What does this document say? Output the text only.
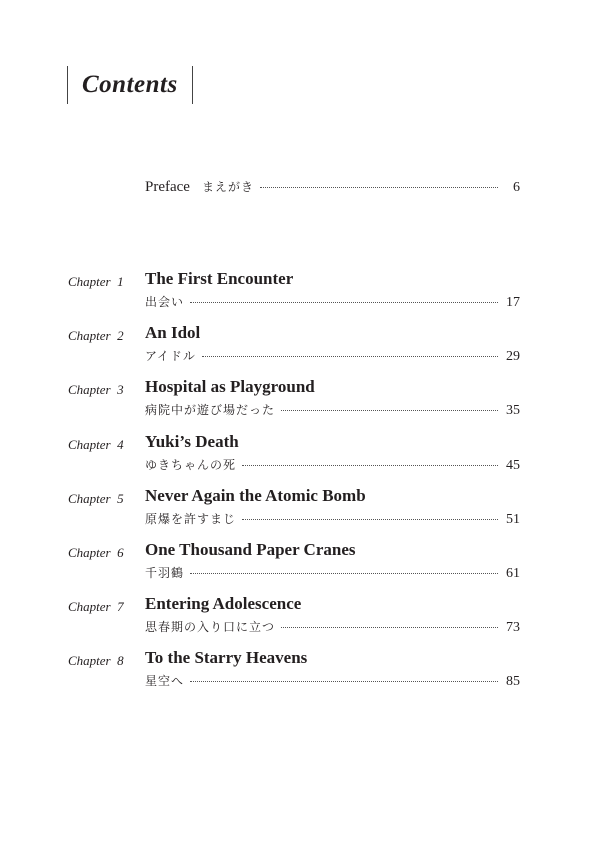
Contents
Preface まえがき	6
Chapter  1 The First Encounter
出会い	17
Chapter  2 An Idol
アイドル	29
Chapter  3 Hospital as Playground
病院中が遊び場だった	35
Chapter  4 Yuki’s Death
ゆきちゃんの死	45
Chapter  5 Never Again the Atomic Bomb
原爆を許すまじ	51
Chapter  6 One Thousand Paper Cranes
千羽鶴	61
Chapter  7 Entering Adolescence
思春期の入り口に立つ	73
Chapter  8 To the Starry Heavens
星空へ	85
